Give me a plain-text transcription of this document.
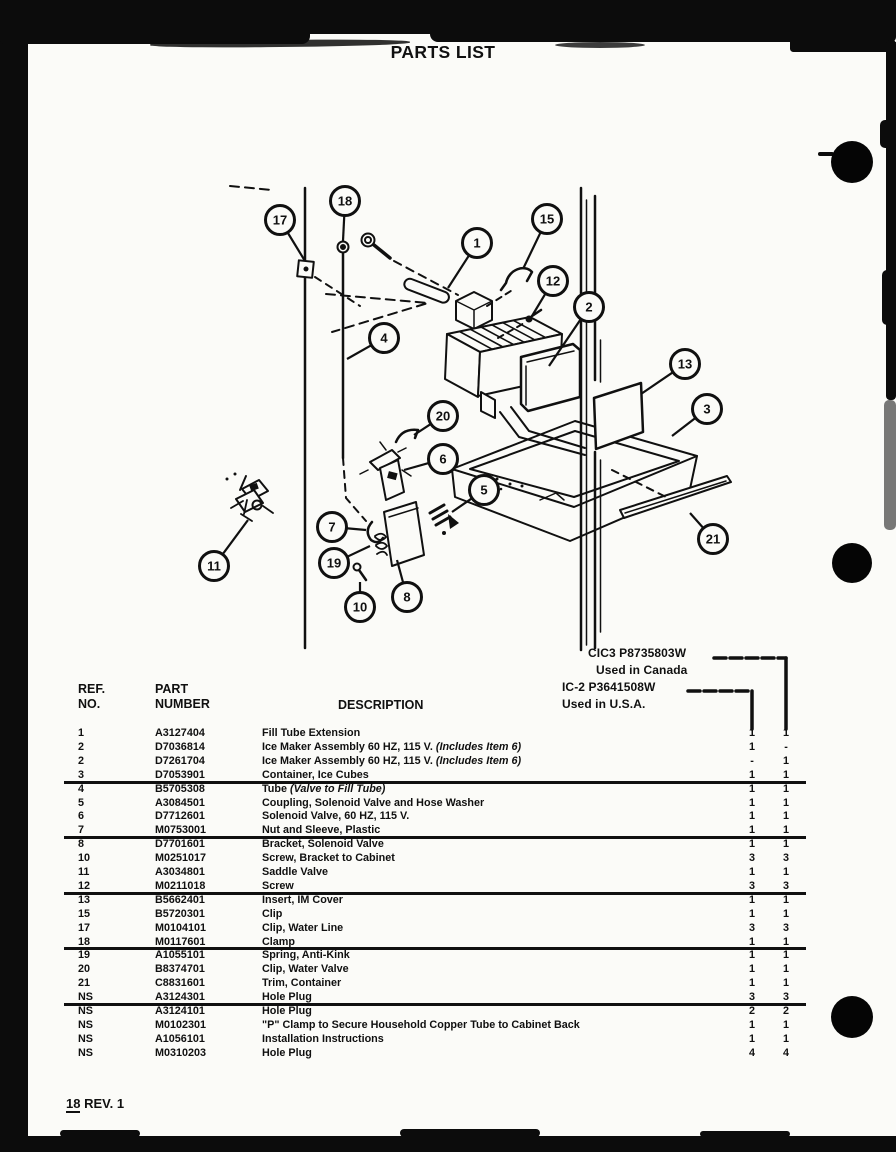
PARTS LIST
17
18
1
15
12
2
4
20
6
13
3
5
7
19
11
10
8
21
CIC3 P8735803W
Used in Canada
IC-2 P3641508W
Used in U.S.A.
REF.
NO.
PART
NUMBER	DESCRIPTION
1	A3127404	Fill Tube Extension	1	1
2	D7036814	Ice Maker Assembly 60 HZ, 115 V. (Includes Item 6)	1	-
2	D7261704	Ice Maker Assembly 60 HZ, 115 V. (Includes Item 6)	-	1
3	D7053901	Container, Ice Cubes	1	1
4	B5705308	Tube (Valve to Fill Tube)	1	1
5	A3084501	Coupling, Solenoid Valve and Hose Washer	1	1
6	D7712601	Solenoid Valve, 60 HZ, 115 V.	1	1
7	M0753001	Nut and Sleeve, Plastic	1	1
8	D7701601	Bracket, Solenoid Valve	1	1
10	M0251017	Screw, Bracket to Cabinet	3	3
11	A3034801	Saddle Valve	1	1
12	M0211018	Screw	3	3
13	B5662401	Insert, IM Cover	1	1
15	B5720301	Clip	1	1
17	M0104101	Clip, Water Line	3	3
18	M0117601	Clamp	1	1
19	A1055101	Spring, Anti-Kink	1	1
20	B8374701	Clip, Water Valve	1	1
21	C8831601	Trim, Container	1	1
NS	A3124301	Hole Plug	3	3
NS	A3124101	Hole Plug	2	2
NS	M0102301	"P" Clamp to Secure Household Copper Tube to Cabinet Back	1	1
NS	A1056101	Installation Instructions	1	1
NS	M0310203	Hole Plug	4	4
18 REV. 1
